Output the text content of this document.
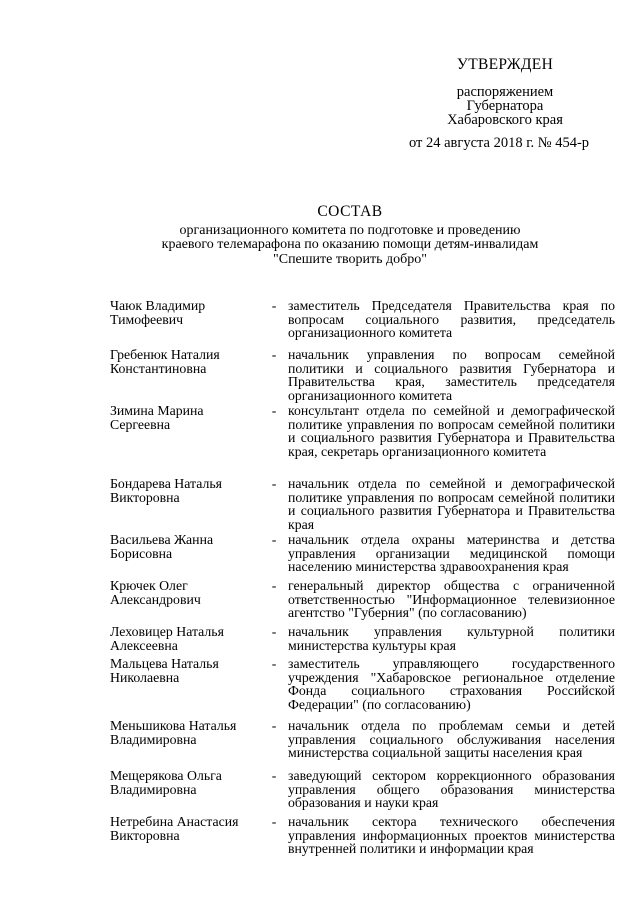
УТВЕРЖДЕН
распоряжением
Губернатора
Хабаровского края
от 24 августа 2018 г. № 454-р
СОСТАВ
организационного комитета по подготовке и проведению
краевого телемарафона по оказанию помощи детям-инвалидам
"Спешите творить добро"
Чаюк Владимир
Тимофеевич
- заместитель Председателя Правительства края по вопросам социального развития, председатель организационного комитета
Гребенюк Наталия
Константиновна
- начальник управления по вопросам семейной политики и социального развития Губернатора и Правительства края, заместитель председателя организационного комитета
Зимина Марина
Сергеевна
- консультант отдела по семейной и демографической политике управления по вопросам семейной политики и социального развития Губернатора и Правительства края, секретарь организационного комитета
Бондарева Наталья
Викторовна
- начальник отдела по семейной и демографической политике управления по вопросам семейной политики и социального развития Губернатора и Правительства края
Васильева Жанна
Борисовна
- начальник отдела охраны материнства и детства управления организации медицинской помощи населению министерства здравоохранения края
Крючек Олег
Александрович
- генеральный директор общества с ограниченной ответственностью "Информационное телевизионное агентство "Губерния" (по согласованию)
Леховицер Наталья
Алексеевна
- начальник управления культурной политики министерства культуры края
Мальцева Наталья
Николаевна
- заместитель управляющего государственного учреждения "Хабаровское региональное отделение Фонда социального страхования Российской Федерации" (по согласованию)
Меньшикова Наталья
Владимировна
- начальник отдела по проблемам семьи и детей управления социального обслуживания населения министерства социальной защиты населения края
Мещерякова Ольга
Владимировна
- заведующий сектором коррекционного образования управления общего образования министерства образования и науки края
Нетребина Анастасия
Викторовна
- начальник сектора технического обеспечения управления информационных проектов министерства внутренней политики и информации края
